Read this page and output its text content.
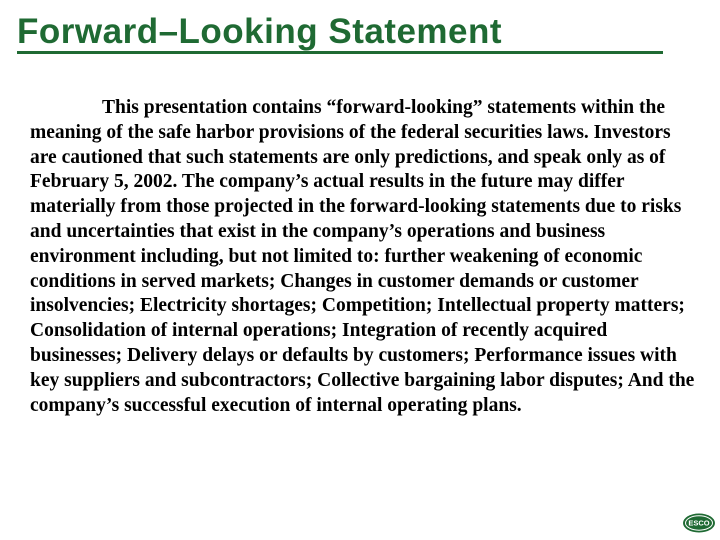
Forward–Looking Statement

This presentation contains “forward-looking” statements within the meaning of the safe harbor provisions of the federal securities laws. Investors are cautioned that such statements are only predictions, and speak only as of February 5, 2002. The company’s actual results in the future may differ materially from those projected in the forward-looking statements due to risks and uncertainties that exist in the company’s operations and business environment including, but not limited to: further weakening of economic conditions in served markets; Changes in customer demands or customer insolvencies; Electricity shortages; Competition; Intellectual property matters; Consolidation of internal operations; Integration of recently acquired businesses; Delivery delays or defaults by customers; Performance issues with key suppliers and subcontractors; Collective bargaining labor disputes; And the company’s successful execution of internal operating plans.

ESCO
